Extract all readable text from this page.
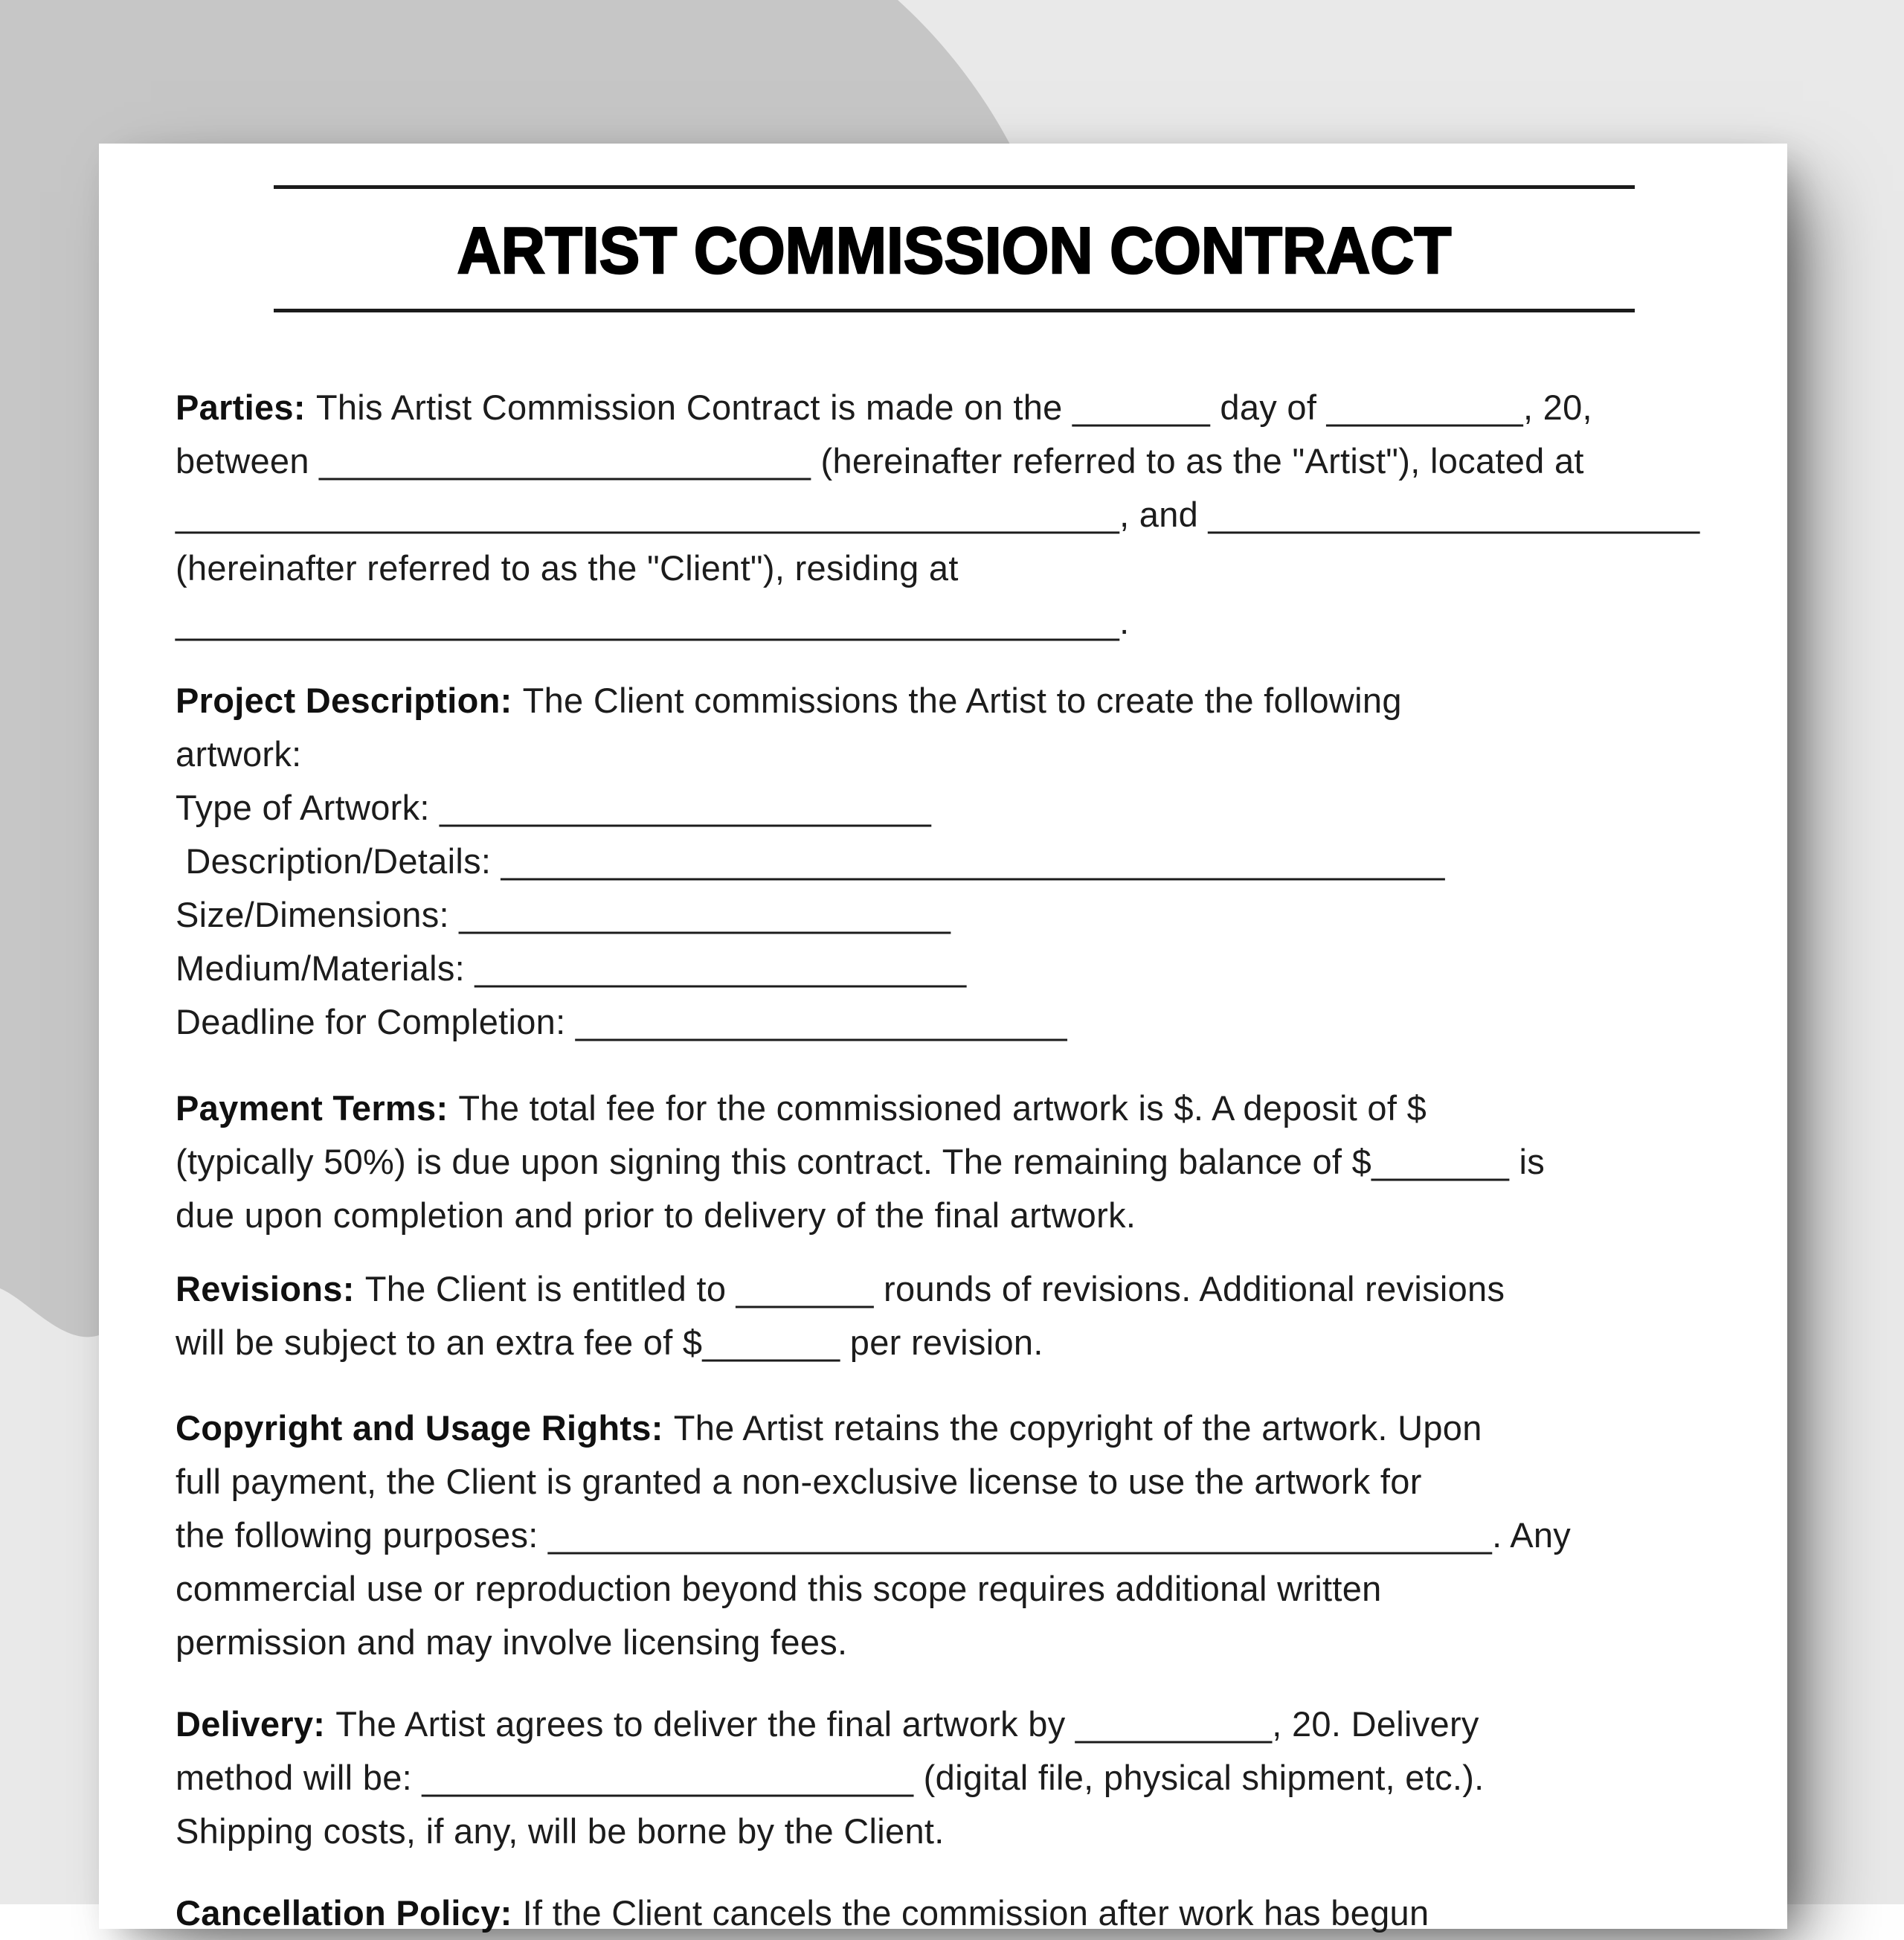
ARTIST COMMISSION CONTRACT
Parties: This Artist Commission Contract is made on the _______ day of __________, 20,
between _________________________ (hereinafter referred to as the "Artist"), located at
________________________________________________, and _________________________
(hereinafter referred to as the "Client"), residing at
________________________________________________.
Project Description: The Client commissions the Artist to create the following
artwork:
Type of Artwork: _________________________
Description/Details: ________________________________________________
Size/Dimensions: _________________________
Medium/Materials: _________________________
Deadline for Completion: _________________________
Payment Terms: The total fee for the commissioned artwork is $. A deposit of $
(typically 50%) is due upon signing this contract. The remaining balance of $_______ is
due upon completion and prior to delivery of the final artwork.
Revisions: The Client is entitled to _______ rounds of revisions. Additional revisions
will be subject to an extra fee of $_______ per revision.
Copyright and Usage Rights: The Artist retains the copyright of the artwork. Upon
full payment, the Client is granted a non-exclusive license to use the artwork for
the following purposes: ________________________________________________. Any
commercial use or reproduction beyond this scope requires additional written
permission and may involve licensing fees.
Delivery: The Artist agrees to deliver the final artwork by __________, 20. Delivery
method will be: _________________________ (digital file, physical shipment, etc.).
Shipping costs, if any, will be borne by the Client.
Cancellation Policy: If the Client cancels the commission after work has begun
